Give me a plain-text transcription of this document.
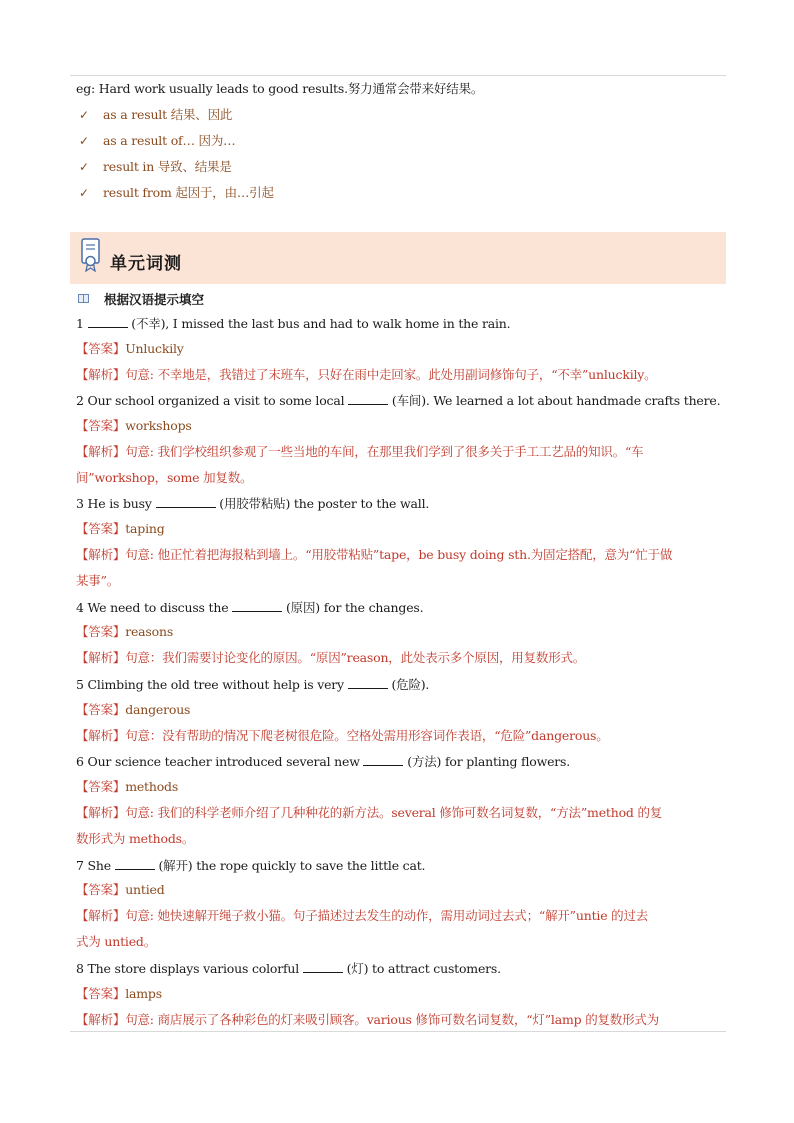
eg: Hard work usually leads to good results.努力通常会带来好结果。
✓ as a result 结果、因此
✓ as a result of… 因为…
✓ result in 导致、结果是
✓ result from 起因于，由…引起
单元词测
根据汉语提示填空
1	(不幸), I missed the last bus and had to walk home in the rain.
【答案】Unluckily
【解析】句意: 不幸地是，我错过了末班车，只好在雨中走回家。此处用副词修饰句子，“不幸”unluckily。
2 Our school organized a visit to some local	(车间). We learned a lot about handmade crafts there.
【答案】workshops
【解析】句意: 我们学校组织参观了一些当地的车间，在那里我们学到了很多关于手工工艺品的知识。“车
间”workshop，some 加复数。
3 He is busy	(用胶带粘贴) the poster to the wall.
【答案】taping
【解析】句意: 他正忙着把海报粘到墙上。“用胶带粘贴”tape，be busy doing sth.为固定搭配，意为“忙于做
某事”。
4 We need to discuss the	(原因) for the changes.
【答案】reasons
【解析】句意：我们需要讨论变化的原因。“原因”reason，此处表示多个原因，用复数形式。
5 Climbing the old tree without help is very	(危险).
【答案】dangerous
【解析】句意：没有帮助的情况下爬老树很危险。空格处需用形容词作表语，“危险”dangerous。
6 Our science teacher introduced several new	(方法) for planting flowers.
【答案】methods
【解析】句意: 我们的科学老师介绍了几种种花的新方法。several 修饰可数名词复数，“方法”method 的复
数形式为 methods。
7 She	(解开) the rope quickly to save the little cat.
【答案】untied
【解析】句意: 她快速解开绳子救小猫。句子描述过去发生的动作，需用动词过去式；“解开”untie 的过去
式为 untied。
8 The store displays various colorful	(灯) to attract customers.
【答案】lamps
【解析】句意: 商店展示了各种彩色的灯来吸引顾客。various 修饰可数名词复数，“灯”lamp 的复数形式为
